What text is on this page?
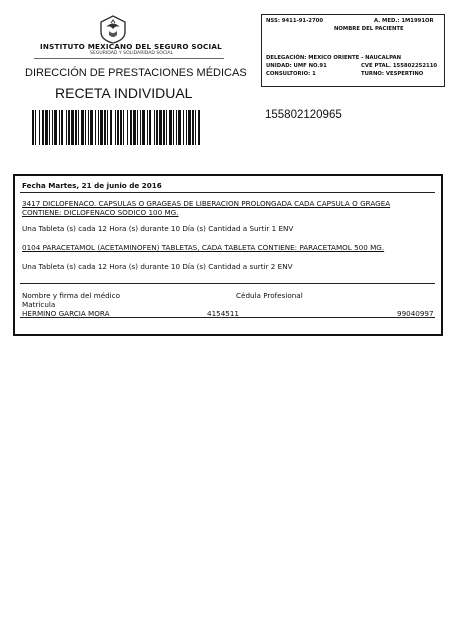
INSTITUTO MEXICANO DEL SEGURO SOCIAL
SEGURIDAD Y SOLIDARIDAD SOCIAL
DIRECCIÓN DE PRESTACIONES MÉDICAS
RECETA INDIVIDUAL
155802120965
NSS: 9411-91-2700	A. MED.: 1M1991OR
NOMBRE DEL PACIENTE
DELEGACIÓN: MEXICO ORIENTE - NAUCALPAN
UNIDAD: UMF NO.91	CVE PTAL. 155802252110
CONSULTORIO: 1	TURNO: VESPERTINO
Fecha Martes, 21 de junio de 2016
3417 DICLOFENACO. CAPSULAS O GRAGEAS DE LIBERACION PROLONGADA CADA CAPSULA O GRAGEA
CONTIENE: DICLOFENACO SODICO 100 MG.
Una Tableta (s) cada 12 Hora (s) durante 10 Día (s) Cantidad a Surtir 1 ENV
0104 PARACETAMOL (ACETAMINOFEN) TABLETAS, CADA TABLETA CONTIENE: PARACETAMOL 500 MG.
Una Tableta (s) cada 12 Hora (s) durante 10 Día (s) Cantidad a surtir 2 ENV
Nombre y firma del médico	Cédula Profesional
Matricula
HERMINO GARCIA MORA	4154511	99040997
